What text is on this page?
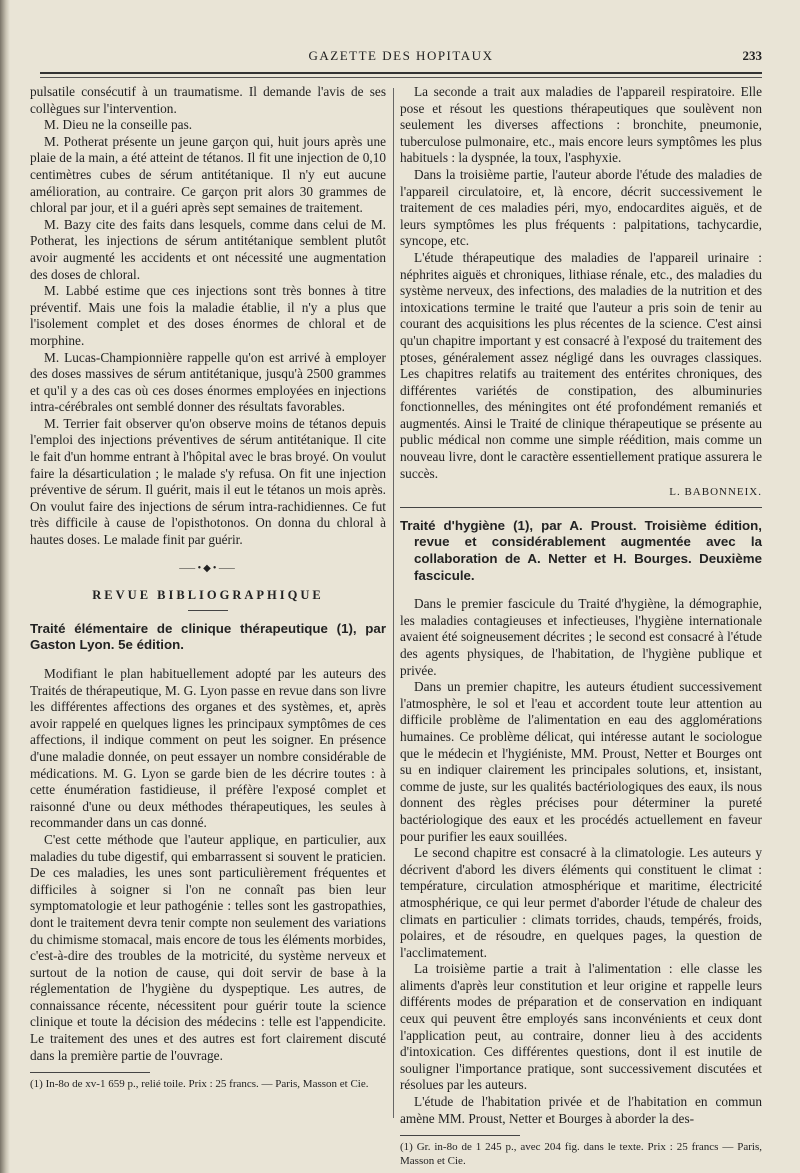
GAZETTE DES HOPITAUX	233

pulsatile consécutif à un traumatisme. Il demande l'avis de ses collègues sur l'intervention.

M. Dieu ne la conseille pas.

M. Potherat présente un jeune garçon qui, huit jours après une plaie de la main, a été atteint de tétanos. Il fit une injection de 0,10 centimètres cubes de sérum antitétanique. Il n'y eut aucune amélioration, au contraire. Ce garçon prit alors 30 grammes de chloral par jour, et il a guéri après sept semaines de traitement.

M. Bazy cite des faits dans lesquels, comme dans celui de M. Potherat, les injections de sérum antitétanique semblent plutôt avoir augmenté les accidents et ont nécessité une augmentation des doses de chloral.

M. Labbé estime que ces injections sont très bonnes à titre préventif. Mais une fois la maladie établie, il n'y a plus que l'isolement complet et des doses énormes de chloral et de morphine.

M. Lucas-Championnière rappelle qu'on est arrivé à employer des doses massives de sérum antitétanique, jusqu'à 2500 grammes et qu'il y a des cas où ces doses énormes employées en injections intra-cérébrales ont semblé donner des résultats favorables.

M. Terrier fait observer qu'on observe moins de tétanos depuis l'emploi des injections préventives de sérum antitétanique. Il cite le fait d'un homme entrant à l'hôpital avec le bras broyé. On voulut faire la désarticulation ; le malade s'y refusa. On fit une injection préventive de sérum. Il guérit, mais il eut le tétanos un mois après. On voulut faire des injections de sérum intra-rachidiennes. Ce fut très difficile à cause de l'opisthotonos. On donna du chloral à hautes doses. Le malade finit par guérir.

⸺•◆•⸺
REVUE BIBLIOGRAPHIQUE
Traité élémentaire de clinique thérapeutique (1), par Gaston Lyon. 5e édition.

Modifiant le plan habituellement adopté par les auteurs des Traités de thérapeutique, M. G. Lyon passe en revue dans son livre les différentes affections des organes et des systèmes, et, après avoir rappelé en quelques lignes les principaux symptômes de ces affections, il indique comment on peut les soigner. En présence d'une maladie donnée, on peut essayer un nombre considérable de médications. M. G. Lyon se garde bien de les décrire toutes : à cette énumération fastidieuse, il préfère l'exposé complet et raisonné d'une ou deux méthodes thérapeutiques, les seules à recommander dans un cas donné.

C'est cette méthode que l'auteur applique, en particulier, aux maladies du tube digestif, qui embarrassent si souvent le praticien. De ces maladies, les unes sont particulièrement fréquentes et difficiles à soigner si l'on ne connaît pas bien leur symptomatologie et leur pathogénie : telles sont les gastropathies, dont le traitement devra tenir compte non seulement des variations du chimisme stomacal, mais encore de tous les éléments morbides, c'est-à-dire des troubles de la motricité, du système nerveux et surtout de la notion de cause, qui doit servir de base à la réglementation de l'hygiène du dyspeptique. Les autres, de connaissance récente, nécessitent pour guérir toute la science clinique et toute la décision des médecins : telle est l'appendicite. Le traitement des unes et des autres est fort clairement discuté dans la première partie de l'ouvrage.

(1) In-8o de xv-1 659 p., relié toile. Prix : 25 francs. — Paris, Masson et Cie.

La seconde a trait aux maladies de l'appareil respiratoire. Elle pose et résout les questions thérapeutiques que soulèvent non seulement les diverses affections : bronchite, pneumonie, tuberculose pulmonaire, etc., mais encore leurs symptômes les plus habituels : la dyspnée, la toux, l'asphyxie.

Dans la troisième partie, l'auteur aborde l'étude des maladies de l'appareil circulatoire, et, là encore, décrit successivement le traitement de ces maladies péri, myo, endocardites aiguës, et de leurs symptômes les plus fréquents : palpitations, tachycardie, syncope, etc.

L'étude thérapeutique des maladies de l'appareil urinaire : néphrites aiguës et chroniques, lithiase rénale, etc., des maladies du système nerveux, des infections, des maladies de la nutrition et des intoxications termine le traité que l'auteur a pris soin de tenir au courant des acquisitions les plus récentes de la science. C'est ainsi qu'un chapitre important y est consacré à l'exposé du traitement des ptoses, généralement assez négligé dans les ouvrages classiques. Les chapitres relatifs au traitement des entérites chroniques, des différentes variétés de constipation, des albuminuries fonctionnelles, des méningites ont été profondément remaniés et augmentés. Ainsi le Traité de clinique thérapeutique se présente au public médical non comme une simple réédition, mais comme un nouveau livre, dont le caractère essentiellement pratique assurera le succès.

L. BABONNEIX.
Traité d'hygiène (1), par A. Proust. Troisième édition, revue et considérablement augmentée avec la collaboration de A. Netter et H. Bourges. Deuxième fascicule.

Dans le premier fascicule du Traité d'hygiène, la démographie, les maladies contagieuses et infectieuses, l'hygiène internationale avaient été soigneusement décrites ; le second est consacré à l'étude des agents physiques, de l'habitation, de l'hygiène publique et privée.

Dans un premier chapitre, les auteurs étudient successivement l'atmosphère, le sol et l'eau et accordent toute leur attention au difficile problème de l'alimentation en eau des agglomérations humaines. Ce problème délicat, qui intéresse autant le sociologue que le médecin et l'hygiéniste, MM. Proust, Netter et Bourges ont su en indiquer clairement les principales solutions, et, insistant, comme de juste, sur les qualités bactériologiques des eaux, ils nous donnent des règles précises pour déterminer la pureté bactériologique des eaux et les procédés actuellement en faveur pour purifier les eaux souillées.

Le second chapitre est consacré à la climatologie. Les auteurs y décrivent d'abord les divers éléments qui constituent le climat : température, circulation atmosphérique et maritime, électricité atmosphérique, ce qui leur permet d'aborder l'étude de chaleur des climats en particulier : climats torrides, chauds, tempérés, froids, polaires, et de résoudre, en quelques pages, la question de l'acclimatement.

La troisième partie a trait à l'alimentation : elle classe les aliments d'après leur constitution et leur origine et rappelle leurs différents modes de préparation et de conservation en indiquant ceux qui peuvent être employés sans inconvénients et ceux dont l'application peut, au contraire, donner lieu à des accidents d'intoxication. Ces différentes questions, dont il est inutile de souligner l'importance pratique, sont successivement discutées et résolues par les auteurs.

L'étude de l'habitation privée et de l'habitation en commun amène MM. Proust, Netter et Bourges à aborder la des-

(1) Gr. in-8o de 1 245 p., avec 204 fig. dans le texte. Prix : 25 francs — Paris, Masson et Cie.
